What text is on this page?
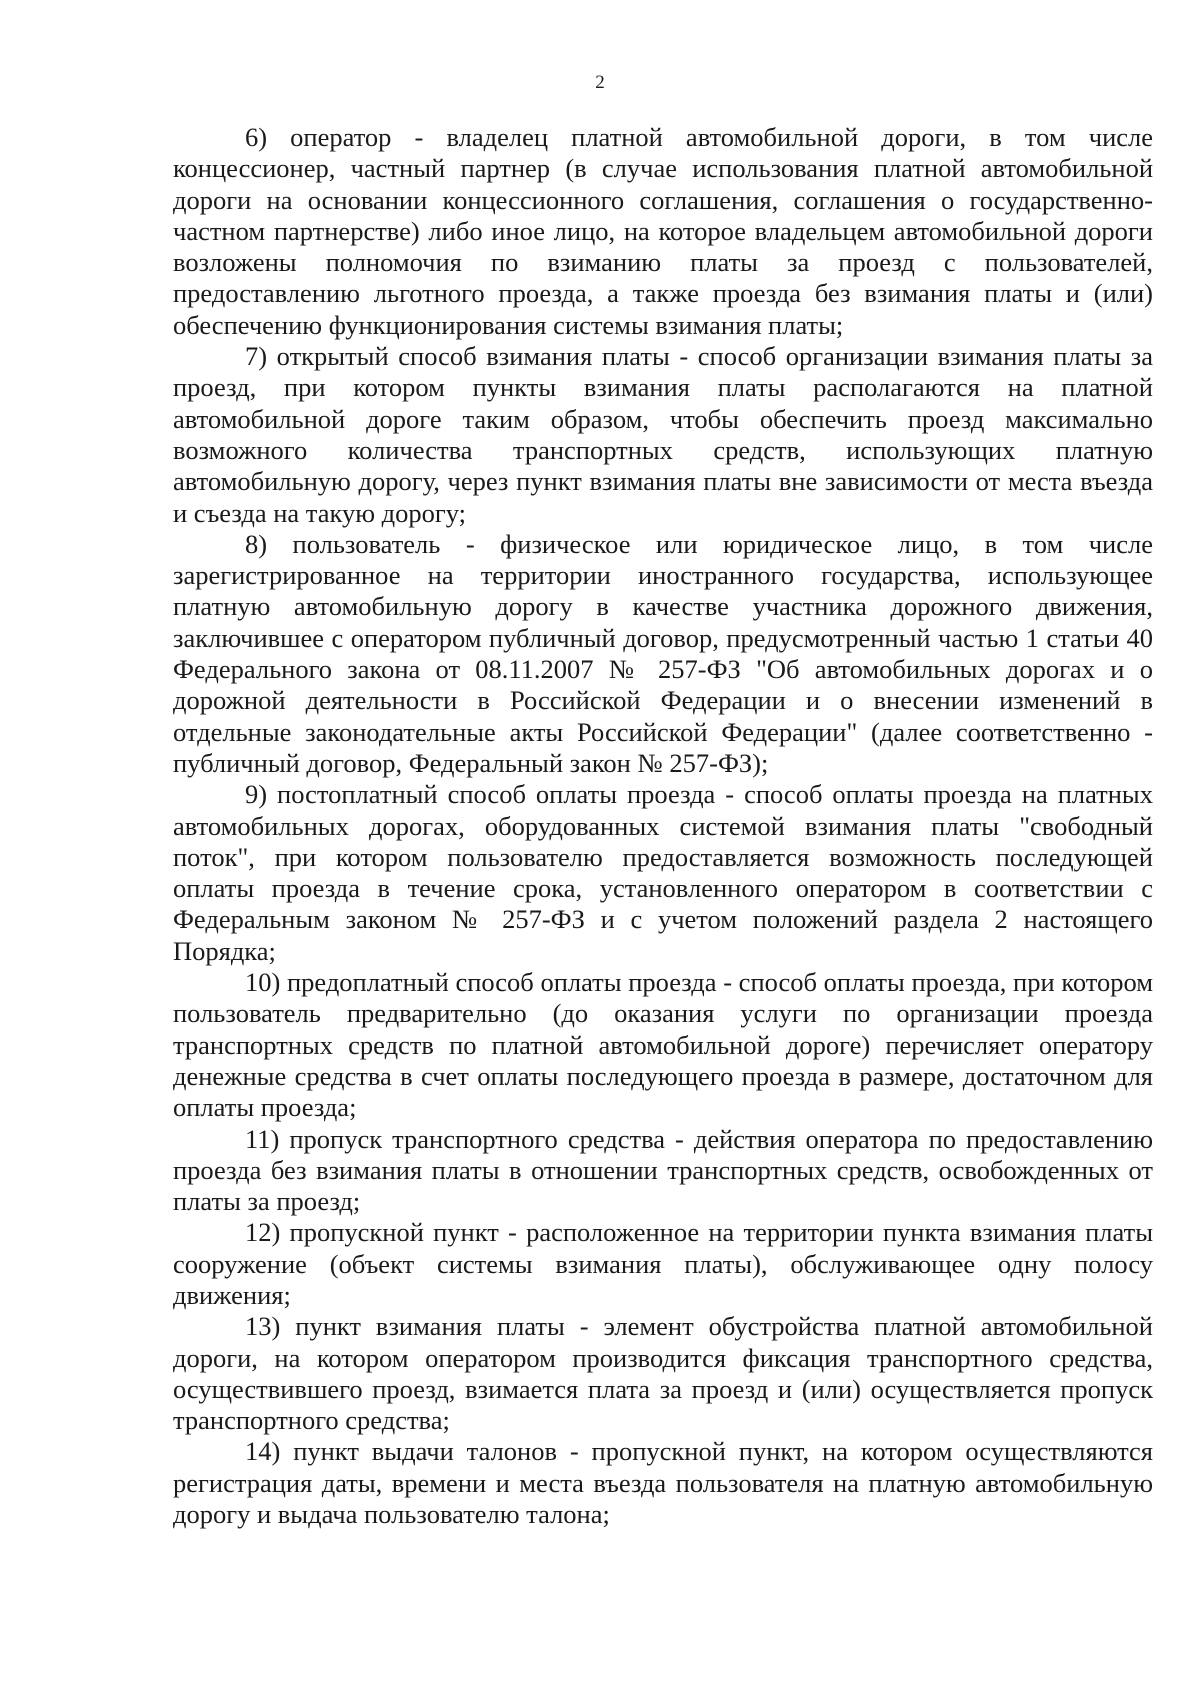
2

6) оператор - владелец платной автомобильной дороги, в том числе концессионер, частный партнер (в случае использования платной автомобильной дороги на основании концессионного соглашения, соглашения о государственно-частном партнерстве) либо иное лицо, на которое владельцем автомобильной дороги возложены полномочия по взиманию платы за проезд с пользователей, предоставлению льготного проезда, а также проезда без взимания платы и (или) обеспечению функционирования системы взимания платы;

7) открытый способ взимания платы - способ организации взимания платы за проезд, при котором пункты взимания платы располагаются на платной автомобильной дороге таким образом, чтобы обеспечить проезд максимально возможного количества транспортных средств, использующих платную автомобильную дорогу, через пункт взимания платы вне зависимости от места въезда и съезда на такую дорогу;

8) пользователь - физическое или юридическое лицо, в том числе зарегистрированное на территории иностранного государства, использующее платную автомобильную дорогу в качестве участника дорожного движения, заключившее с оператором публичный договор, предусмотренный частью 1 статьи 40 Федерального закона от 08.11.2007 № 257-ФЗ "Об автомобильных дорогах и о дорожной деятельности в Российской Федерации и о внесении изменений в отдельные законодательные акты Российской Федерации" (далее соответственно - публичный договор, Федеральный закон № 257-ФЗ);

9) постоплатный способ оплаты проезда - способ оплаты проезда на платных автомобильных дорогах, оборудованных системой взимания платы "свободный поток", при котором пользователю предоставляется возможность последующей оплаты проезда в течение срока, установленного оператором в соответствии с Федеральным законом № 257-ФЗ и с учетом положений раздела 2 настоящего Порядка;

10) предоплатный способ оплаты проезда - способ оплаты проезда, при котором пользователь предварительно (до оказания услуги по организации проезда транспортных средств по платной автомобильной дороге) перечисляет оператору денежные средства в счет оплаты последующего проезда в размере, достаточном для оплаты проезда;

11) пропуск транспортного средства - действия оператора по предоставлению проезда без взимания платы в отношении транспортных средств, освобожденных от платы за проезд;

12) пропускной пункт - расположенное на территории пункта взимания платы сооружение (объект системы взимания платы), обслуживающее одну полосу движения;

13) пункт взимания платы - элемент обустройства платной автомобильной дороги, на котором оператором производится фиксация транспортного средства, осуществившего проезд, взимается плата за проезд и (или) осуществляется пропуск транспортного средства;

14) пункт выдачи талонов - пропускной пункт, на котором осуществляются регистрация даты, времени и места въезда пользователя на платную автомобильную дорогу и выдача пользователю талона;
